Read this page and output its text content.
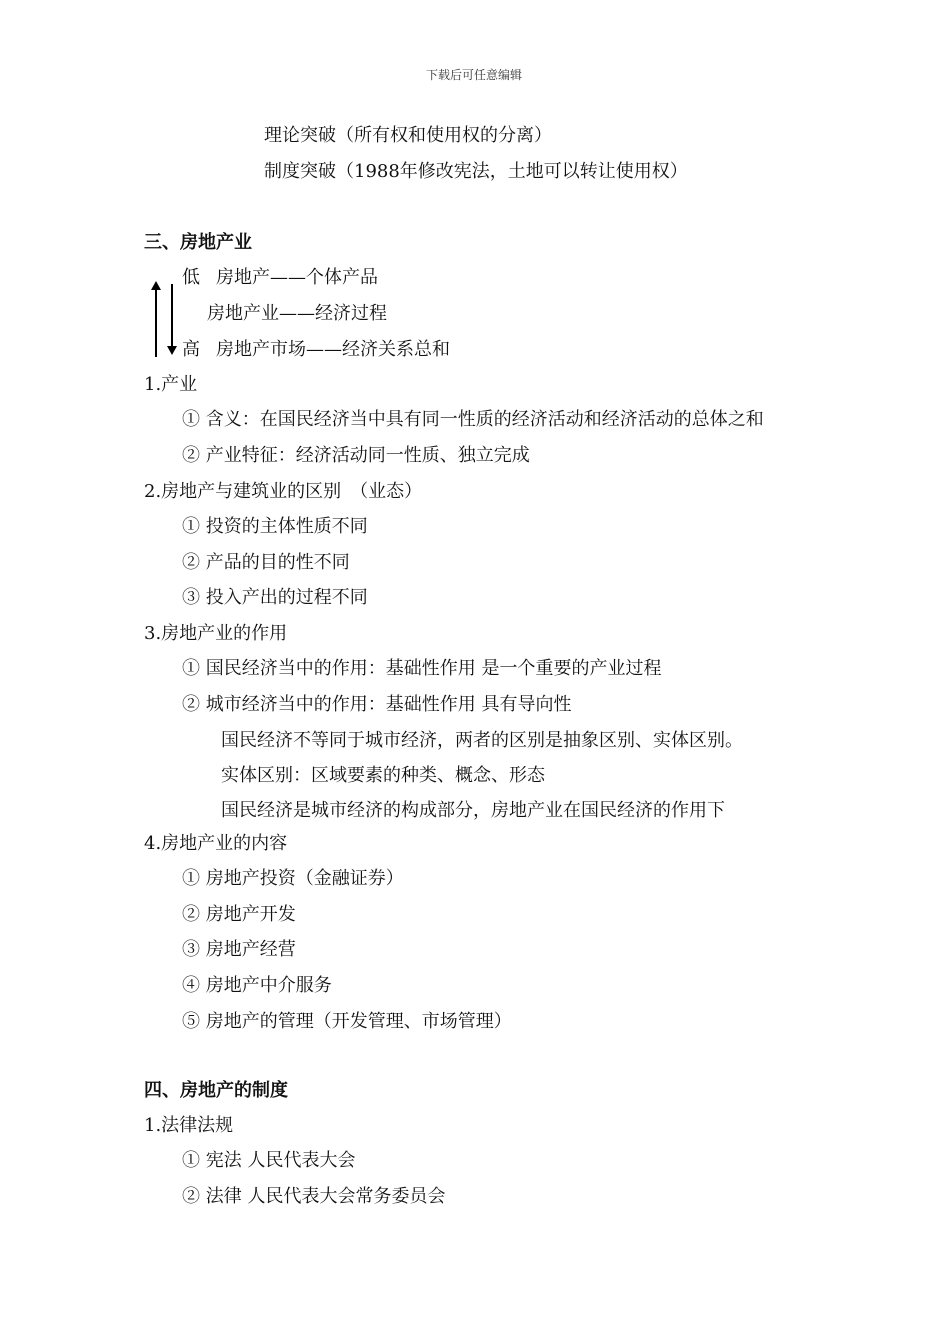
下载后可任意编辑
理论突破（所有权和使用权的分离）
制度突破（1988年修改宪法，土地可以转让使用权）
三、房地产业
低 房地产——个体产品
房地产业——经济过程
高 房地产市场——经济关系总和
1.产业
① 含义：在国民经济当中具有同一性质的经济活动和经济活动的总体之和
② 产业特征：经济活动同一性质、独立完成
2.房地产与建筑业的区别　（业态）
① 投资的主体性质不同
② 产品的目的性不同
③ 投入产出的过程不同
3.房地产业的作用
① 国民经济当中的作用：基础性作用 是一个重要的产业过程
② 城市经济当中的作用：基础性作用 具有导向性
国民经济不等同于城市经济，两者的区别是抽象区别、实体区别。
实体区别：区域要素的种类、概念、形态
国民经济是城市经济的构成部分，房地产业在国民经济的作用下
4.房地产业的内容
① 房地产投资（金融证券）
② 房地产开发
③ 房地产经营
④ 房地产中介服务
⑤ 房地产的管理（开发管理、市场管理）
四、房地产的制度
1.法律法规
① 宪法 人民代表大会
② 法律 人民代表大会常务委员会
